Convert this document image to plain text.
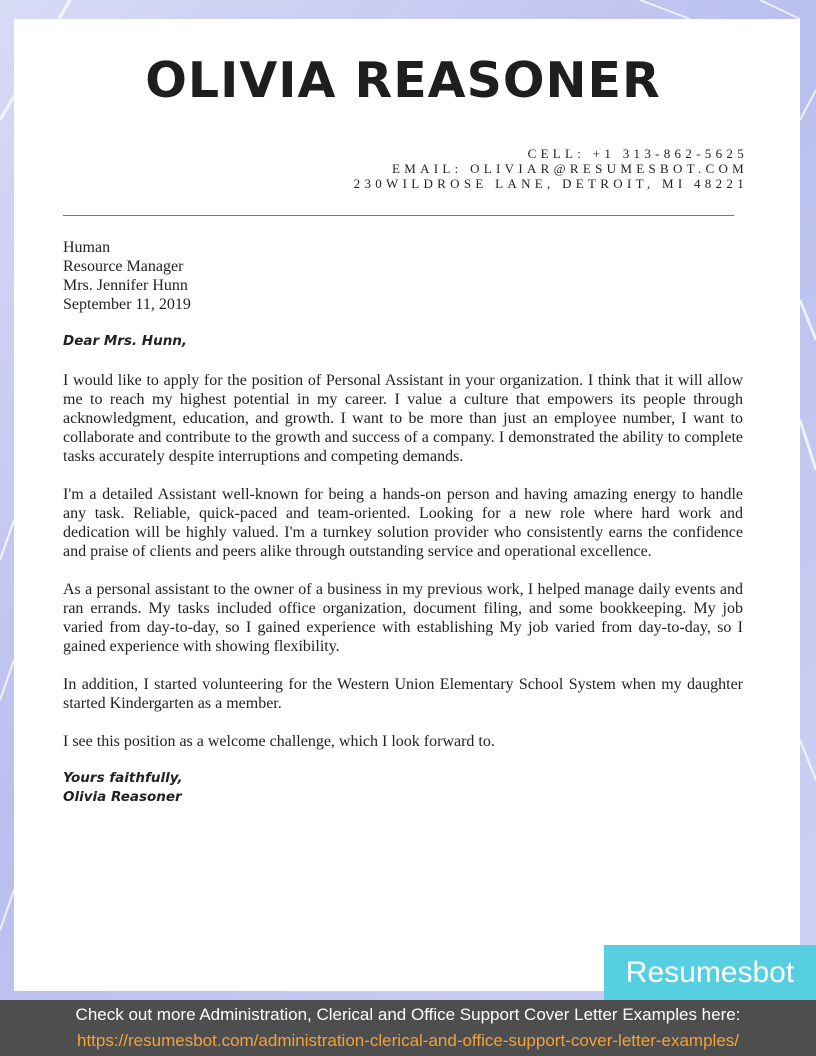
OLIVIA REASONER
CELL: +1 313-862-5625
EMAIL: OLIVIAR@RESUMESBOT.COM
230WILDROSE LANE, DETROIT, MI 48221
Human
Resource Manager
Mrs. Jennifer Hunn
September 11, 2019
Dear Mrs. Hunn,

I would like to apply for the position of Personal Assistant in your organization. I think that it will allow me to reach my highest potential in my career. I value a culture that empowers its people through acknowledgment, education, and growth. I want to be more than just an employee number, I want to collaborate and contribute to the growth and success of a company. I demonstrated the ability to complete tasks accurately despite interruptions and competing demands.

I'm a detailed Assistant well-known for being a hands-on person and having amazing energy to handle any task. Reliable, quick-paced and team-oriented. Looking for a new role where hard work and dedication will be highly valued. I'm a turnkey solution provider who consistently earns the confidence and praise of clients and peers alike through outstanding service and operational excellence.

As a personal assistant to the owner of a business in my previous work, I helped manage daily events and ran errands. My tasks included office organization, document filing, and some bookkeeping. My job varied from day-to-day, so I gained experience with establishing My job varied from day-to-day, so I gained experience with showing flexibility.

In addition, I started volunteering for the Western Union Elementary School System when my daughter started Kindergarten as a member.

I see this position as a welcome challenge, which I look forward to.

Yours faithfully,
Olivia Reasoner
Resumesbot
Check out more Administration, Clerical and Office Support Cover Letter Examples here:
https://resumesbot.com/administration-clerical-and-office-support-cover-letter-examples/
